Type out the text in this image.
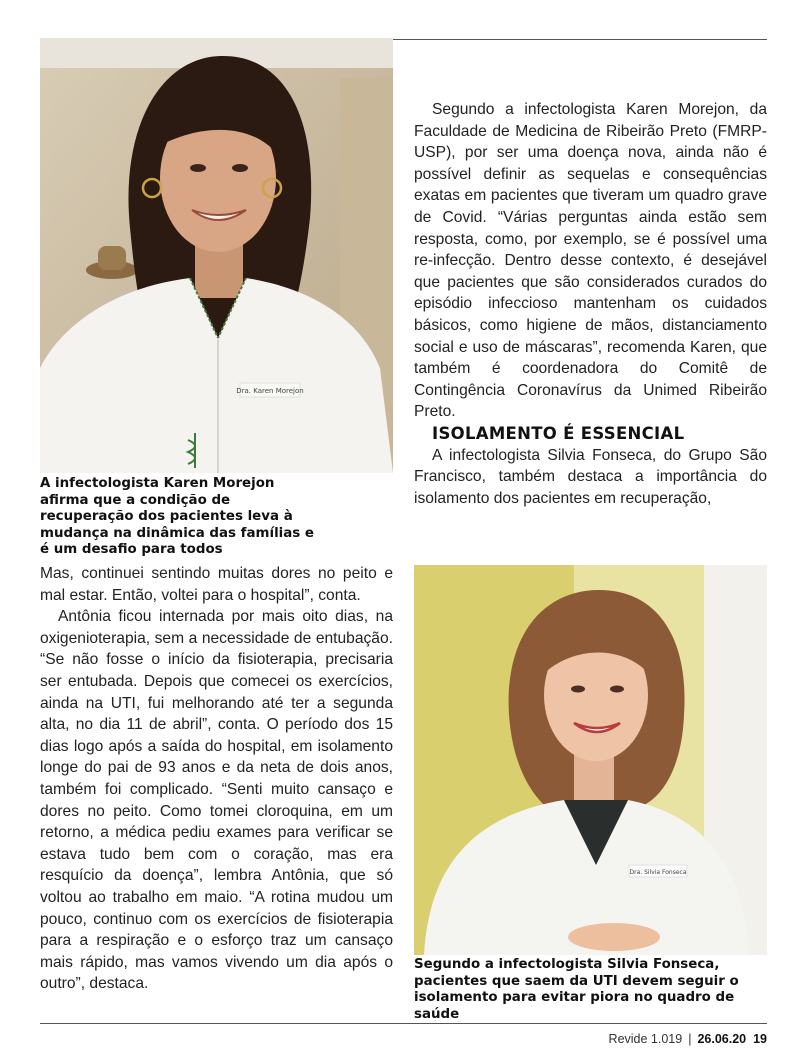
Dra. Karen Morejon
A infectologista Karen Morejon afirma que a condição de recuperação dos pacientes leva à mudança na dinâmica das famílias e é um desafio para todos

Segundo a infectologista Karen Morejon, da Faculdade de Medicina de Ribeirão Preto (FMRP-USP), por ser uma doença nova, ainda não é possível definir as sequelas e consequências exatas em pacientes que tiveram um quadro grave de Covid. “Várias perguntas ainda estão sem resposta, como, por exemplo, se é possível uma re-infecção. Dentro desse contexto, é desejável que pacientes que são considerados curados do episódio infeccioso mantenham os cuidados básicos, como higiene de mãos, distanciamento social e uso de máscaras”, recomenda Karen, que também é coordenadora do Comitê de Contingência Coronavírus da Unimed Ribeirão Preto.

ISOLAMENTO É ESSENCIAL

A infectologista Silvia Fonseca, do Grupo São Francisco, também destaca a importância do isolamento dos pacientes em recuperação,

Mas, continuei sentindo muitas dores no peito e mal estar. Então, voltei para o hospital”, conta.

Antônia ficou internada por mais oito dias, na oxigenioterapia, sem a necessidade de entubação. “Se não fosse o início da fisioterapia, precisaria ser entubada. Depois que comecei os exercícios, ainda na UTI, fui melhorando até ter a segunda alta, no dia 11 de abril”, conta. O período dos 15 dias logo após a saída do hospital, em isolamento longe do pai de 93 anos e da neta de dois anos, também foi complicado. “Senti muito cansaço e dores no peito. Como tomei cloroquina, em um retorno, a médica pediu exames para verificar se estava tudo bem com o coração, mas era resquício da doença”, lembra Antônia, que só voltou ao trabalho em maio. “A rotina mudou um pouco, continuo com os exercícios de fisioterapia para a respiração e o esforço traz um cansaço mais rápido, mas vamos vivendo um dia após o outro”, destaca.

Dra. Silvia Fonseca
Segundo a infectologista Silvia Fonseca, pacientes que saem da UTI devem seguir o isolamento para evitar piora no quadro de saúde
Revide 1.019 | 26.06.20 19
